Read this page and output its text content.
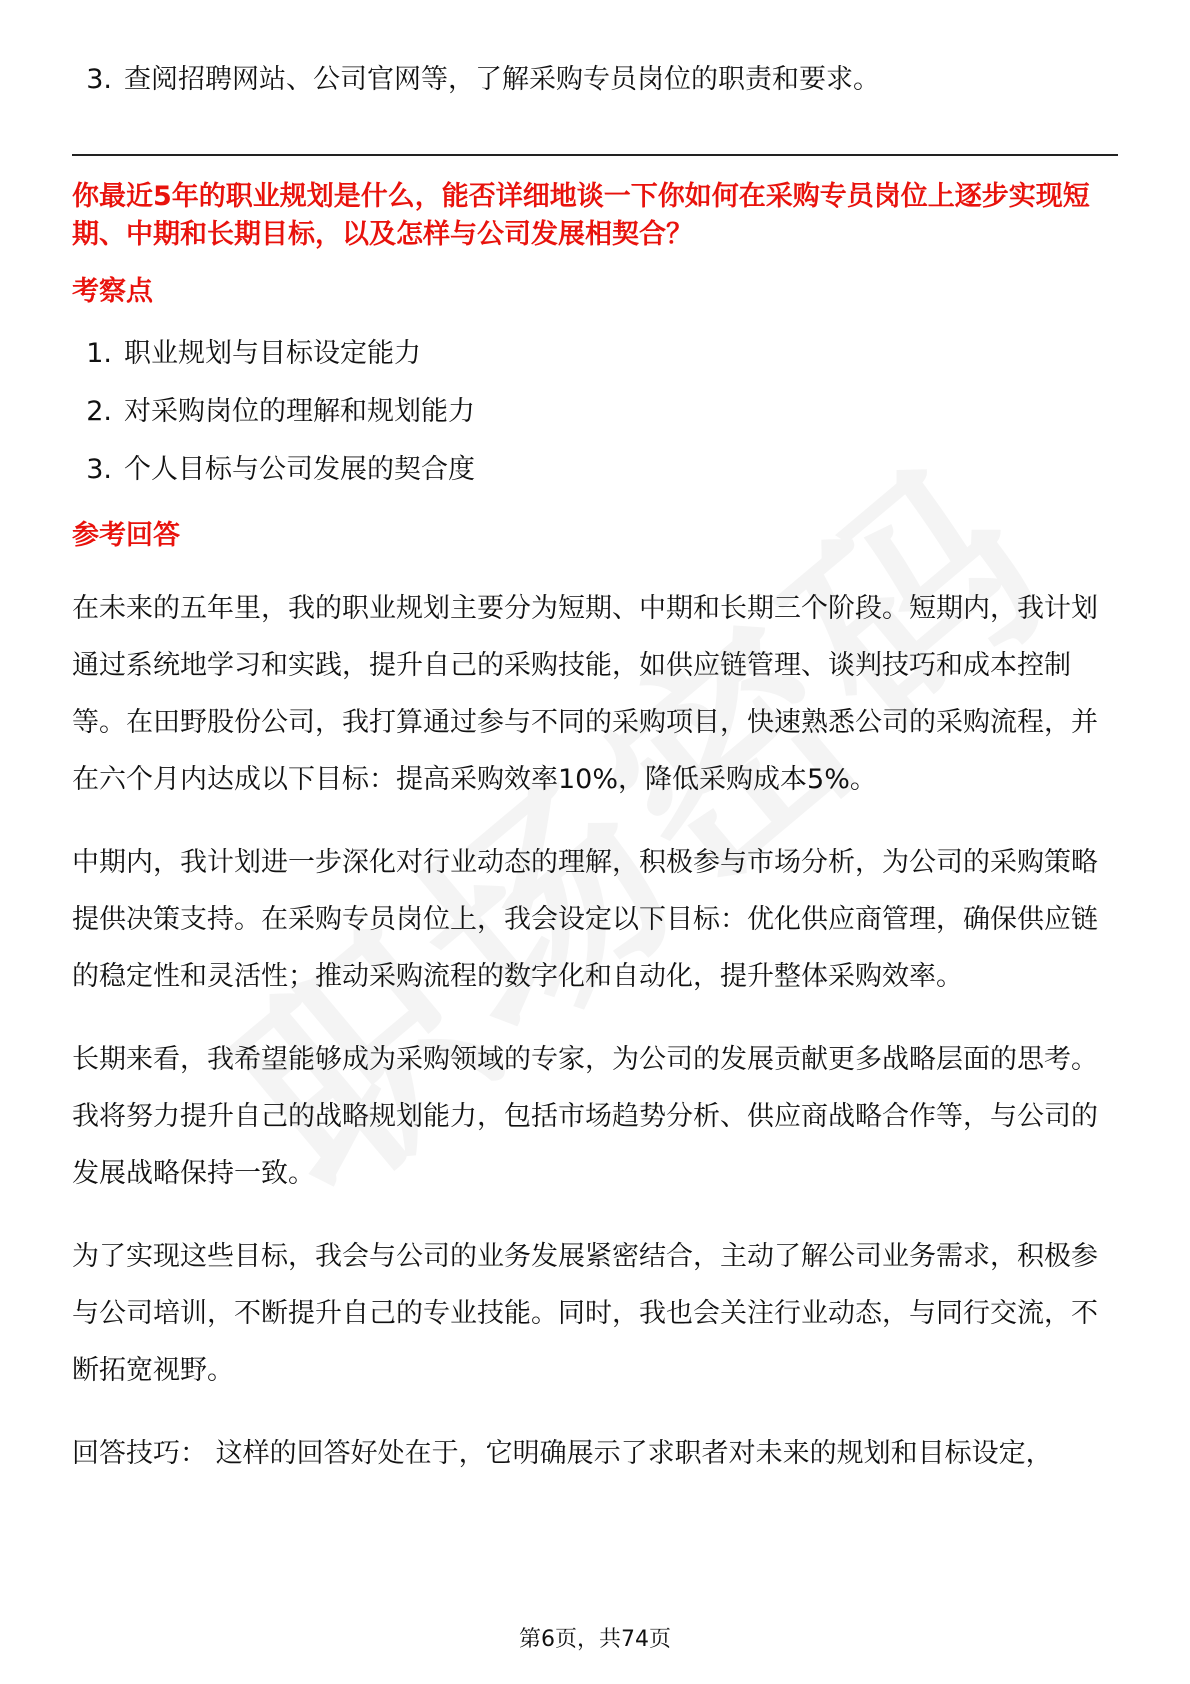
3. 查阅招聘网站、公司官网等，了解采购专员岗位的职责和要求。
你最近5年的职业规划是什么，能否详细地谈一下你如何在采购专员岗位上逐步实现短期、中期和长期目标，以及怎样与公司发展相契合？
考察点
1. 职业规划与目标设定能力
2. 对采购岗位的理解和规划能力
3. 个人目标与公司发展的契合度
参考回答
在未来的五年里，我的职业规划主要分为短期、中期和长期三个阶段。短期内，我计划通过系统地学习和实践，提升自己的采购技能，如供应链管理、谈判技巧和成本控制等。在田野股份公司，我打算通过参与不同的采购项目，快速熟悉公司的采购流程，并在六个月内达成以下目标：提高采购效率10%，降低采购成本5%。
中期内，我计划进一步深化对行业动态的理解，积极参与市场分析，为公司的采购策略提供决策支持。在采购专员岗位上，我会设定以下目标：优化供应商管理，确保供应链的稳定性和灵活性；推动采购流程的数字化和自动化，提升整体采购效率。
长期来看，我希望能够成为采购领域的专家，为公司的发展贡献更多战略层面的思考。我将努力提升自己的战略规划能力，包括市场趋势分析、供应商战略合作等，与公司的发展战略保持一致。
为了实现这些目标，我会与公司的业务发展紧密结合，主动了解公司业务需求，积极参与公司培训，不断提升自己的专业技能。同时，我也会关注行业动态，与同行交流，不断拓宽视野。
回答技巧： 这样的回答好处在于，它明确展示了求职者对未来的规划和目标设定，
第6页，共74页
